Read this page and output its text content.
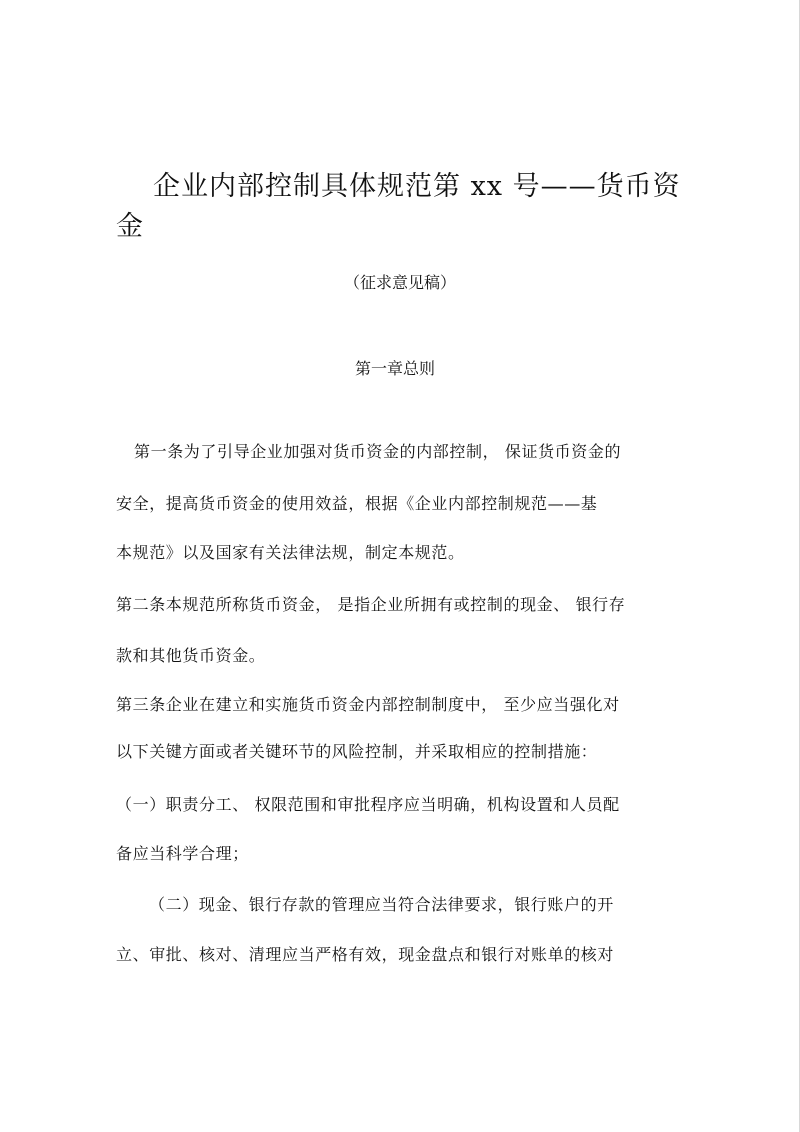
企业内部控制具体规范第 xx 号——货币资
金
（征求意见稿）
第一章总则
第一条为了引导企业加强对货币资金的内部控制， 保证货币资金的
安全，提高货币资金的使用效益，根据《企业内部控制规范——基
本规范》以及国家有关法律法规，制定本规范。
第二条本规范所称货币资金， 是指企业所拥有或控制的现金、 银行存
款和其他货币资金。
第三条企业在建立和实施货币资金内部控制制度中， 至少应当强化对
以下关键方面或者关键环节的风险控制，并采取相应的控制措施：
（一）职责分工、 权限范围和审批程序应当明确，机构设置和人员配
备应当科学合理；
（二）现金、银行存款的管理应当符合法律要求，银行账户的开
立、审批、核对、清理应当严格有效，现金盘点和银行对账单的核对
